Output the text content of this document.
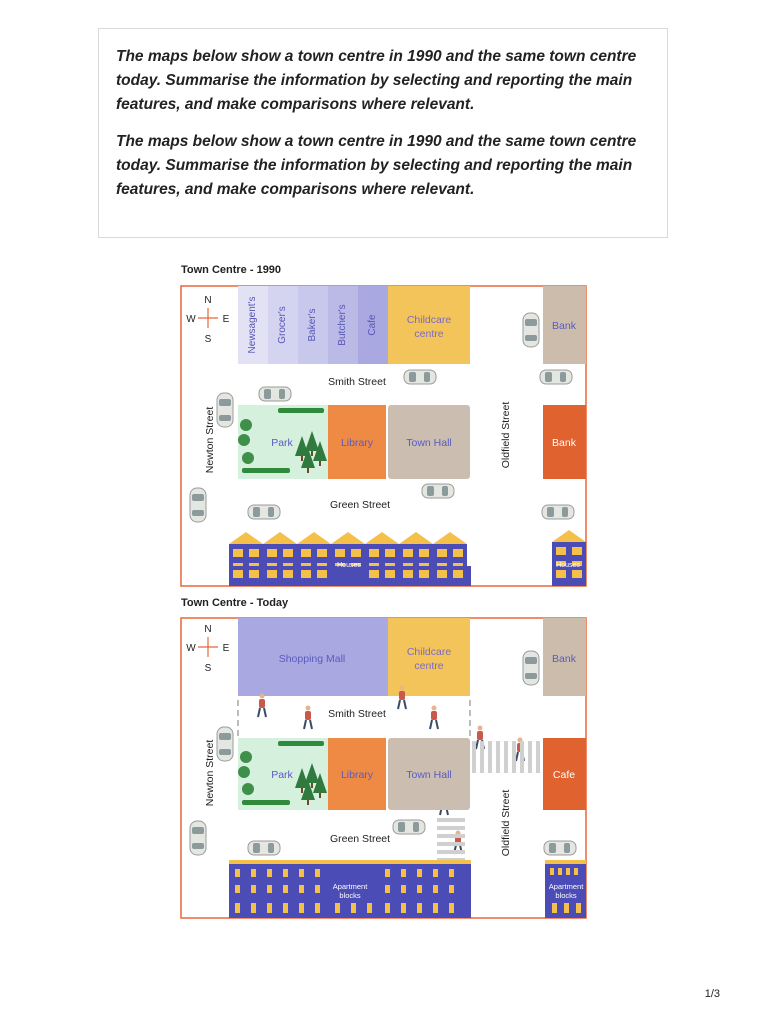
The maps below show a town centre in 1990 and the same town centre today. Summarise the information by selecting and reporting the main features, and make comparisons where relevant.

The maps below show a town centre in 1990 and the same town centre today. Summarise the information by selecting and reporting the main features, and make comparisons where relevant.

Town Centre - 1990
N
S
E
W	Newsagent's Grocer's Baker's Butcher's Cafe	Childcare
centre
Bank
Smith Street
Park	Library	Town Hall	Bank
Newton Street	Oldfield Street
Green Street
Houses	Houses
Town Centre - Today
N
S
E
W
Shopping Mall
Childcare
centre
Bank
Smith Street
Park	Library	Town Hall	Cafe
Newton Street
Oldfield Street
Green Street
Apartment
blocks
Apartment
blocks
1/3
